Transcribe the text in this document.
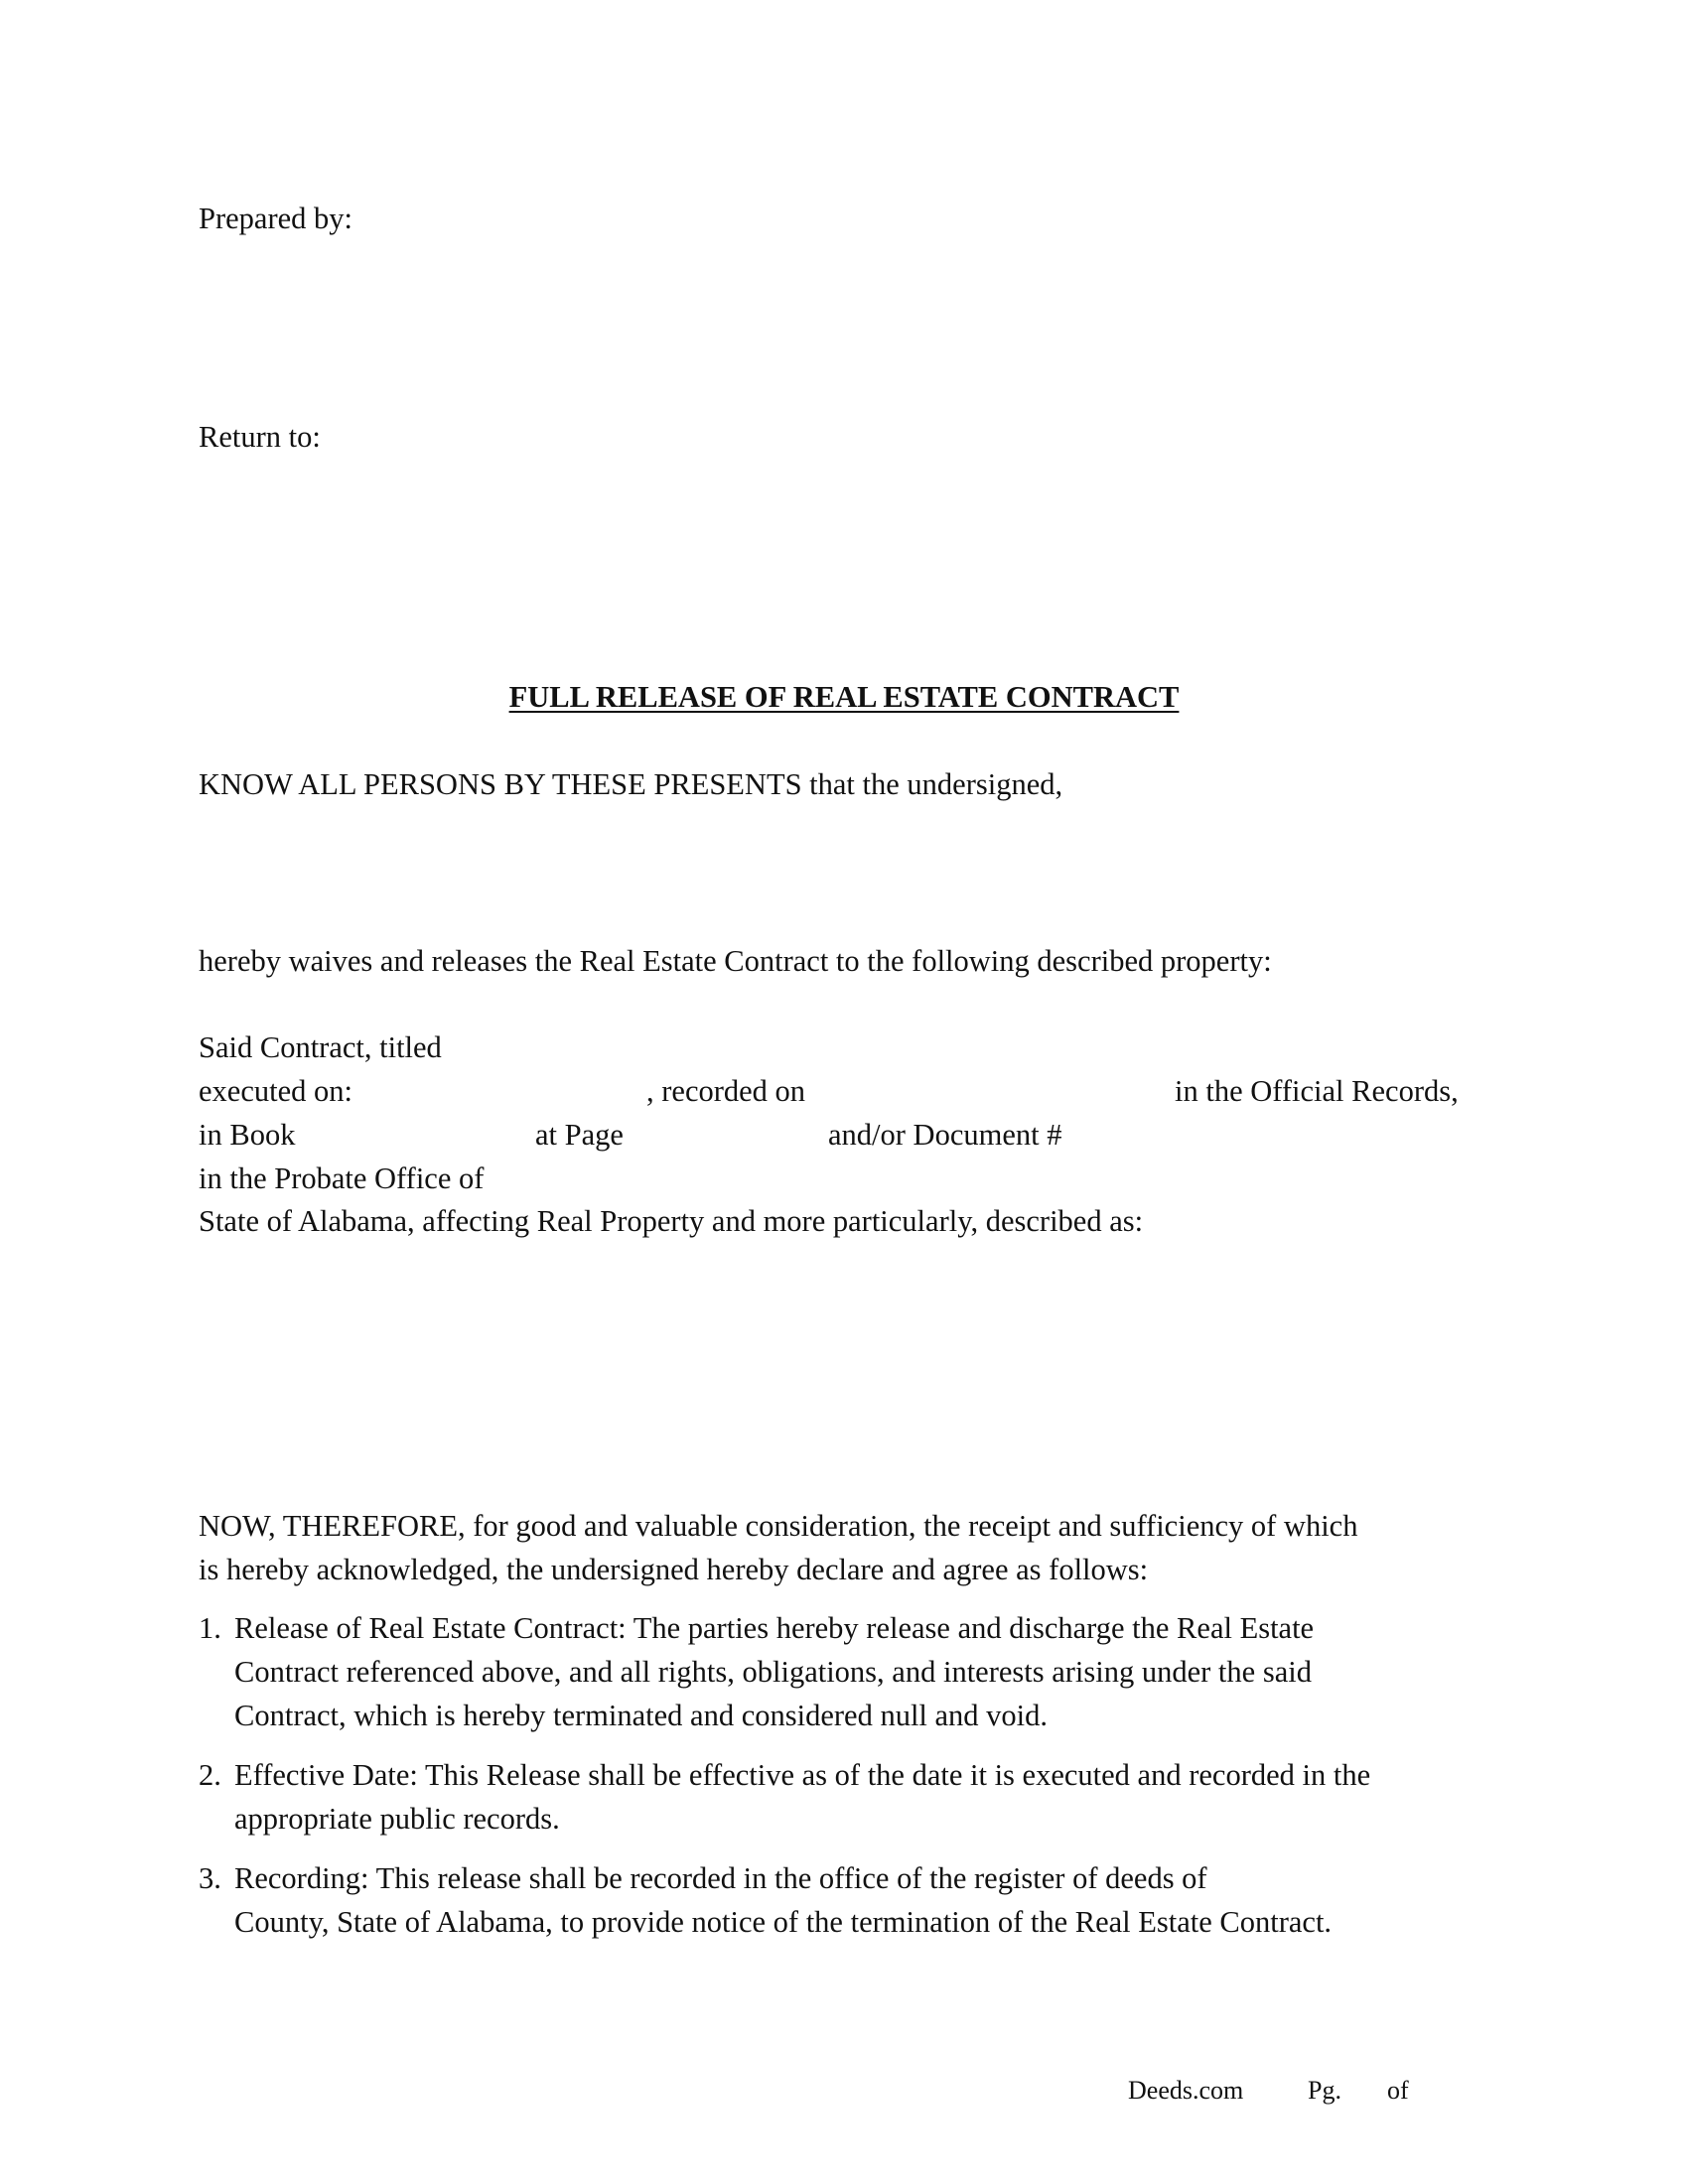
Prepared by:
Return to:
FULL RELEASE OF REAL ESTATE CONTRACT
KNOW ALL PERSONS BY THESE PRESENTS that the undersigned,
hereby waives and releases the Real Estate Contract to the following described property:
Said Contract, titled
executed on:	, recorded on	in the Official Records,
in Book	at Page	and/or Document #
in the Probate Office of
State of Alabama, affecting Real Property and more particularly, described as:
NOW, THEREFORE, for good and valuable consideration, the receipt and sufficiency of which
is hereby acknowledged, the undersigned hereby declare and agree as follows:
1. Release of Real Estate Contract: The parties hereby release and discharge the Real Estate
Contract referenced above, and all rights, obligations, and interests arising under the said
Contract, which is hereby terminated and considered null and void.
2. Effective Date: This Release shall be effective as of the date it is executed and recorded in the
appropriate public records.
3. Recording: This release shall be recorded in the office of the register of deeds of
County, State of Alabama, to provide notice of the termination of the Real Estate Contract.
Deeds.com Pg. of
